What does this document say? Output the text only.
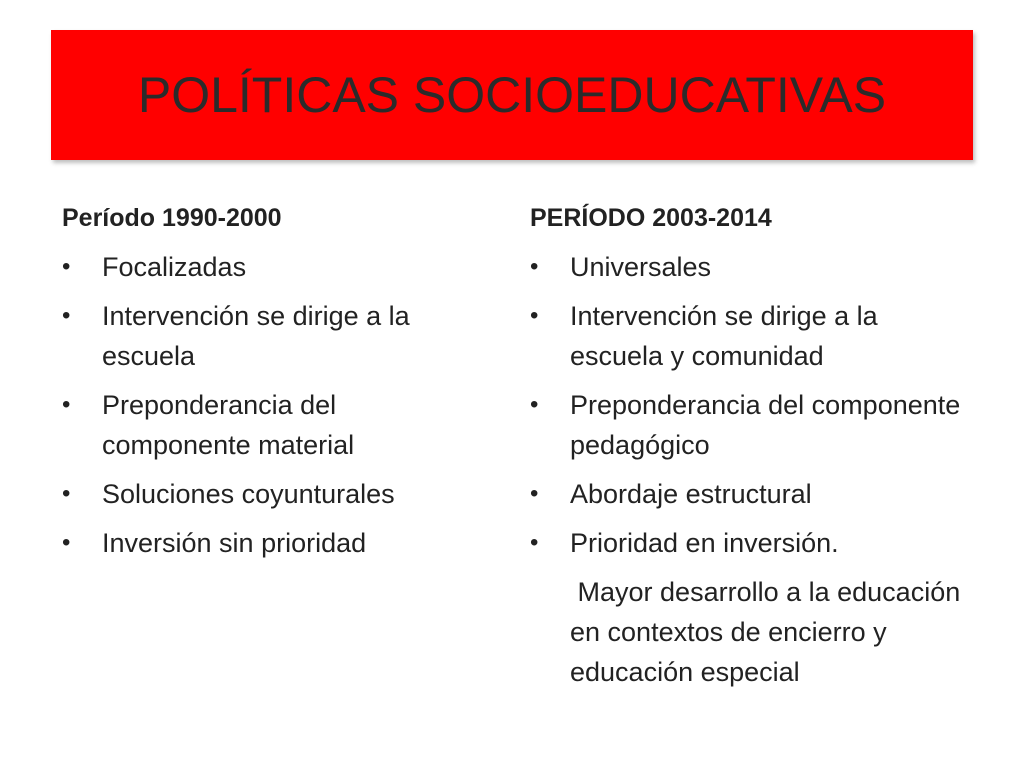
POLÍTICAS SOCIOEDUCATIVAS
Período 1990-2000
•	Focalizadas
•	Intervención se dirige a la escuela
•	Preponderancia del componente material
•	Soluciones coyunturales
•	Inversión sin prioridad
PERÍODO 2003-2014
•	Universales
•	Intervención se dirige a la escuela y comunidad
•	Preponderancia del componente pedagógico
•	Abordaje estructural
•	Prioridad en inversión.
Mayor desarrollo a la educación en contextos de encierro y educación especial
